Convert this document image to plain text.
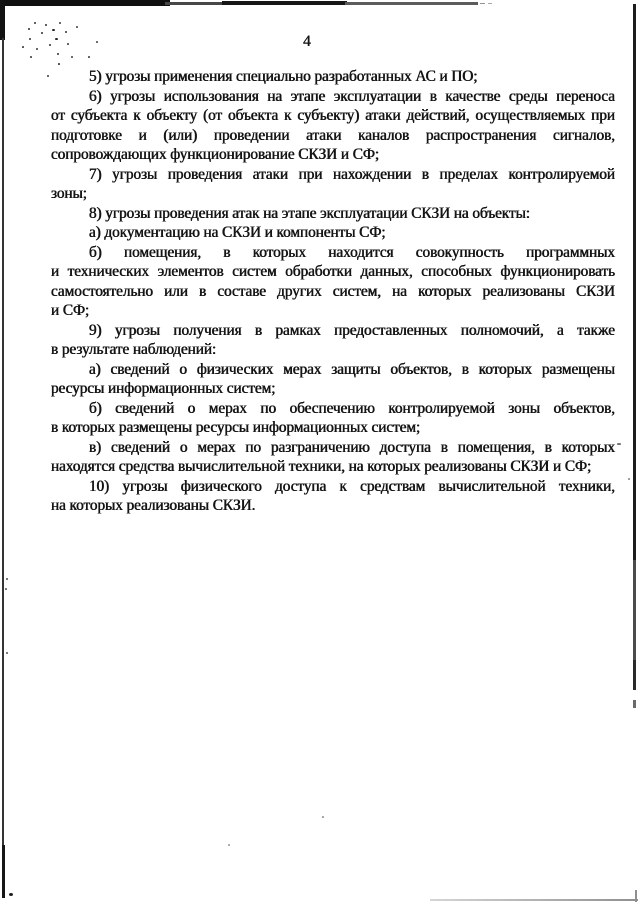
4
5) угрозы применения специально разработанных АС и ПО;
6) угрозы использования на этапе эксплуатации в качестве среды переноса
от субъекта к объекту (от объекта к субъекту) атаки действий, осуществляемых при
подготовке и (или) проведении атаки каналов распространения сигналов,
сопровождающих функционирование СКЗИ и СФ;
7) угрозы проведения атаки при нахождении в пределах контролируемой
зоны;
8) угрозы проведения атак на этапе эксплуатации СКЗИ на объекты:
а) документацию на СКЗИ и компоненты СФ;
б) помещения, в которых находится совокупность программных
и технических элементов систем обработки данных, способных функционировать
самостоятельно или в составе других систем, на которых реализованы СКЗИ
и СФ;
9) угрозы получения в рамках предоставленных полномочий, а также
в результате наблюдений:
а) сведений о физических мерах защиты объектов, в которых размещены
ресурсы информационных систем;
б) сведений о мерах по обеспечению контролируемой зоны объектов,
в которых размещены ресурсы информационных систем;
в) сведений о мерах по разграничению доступа в помещения, в которых
находятся средства вычислительной техники, на которых реализованы СКЗИ и СФ;
10) угрозы физического доступа к средствам вычислительной техники,
на которых реализованы СКЗИ.
